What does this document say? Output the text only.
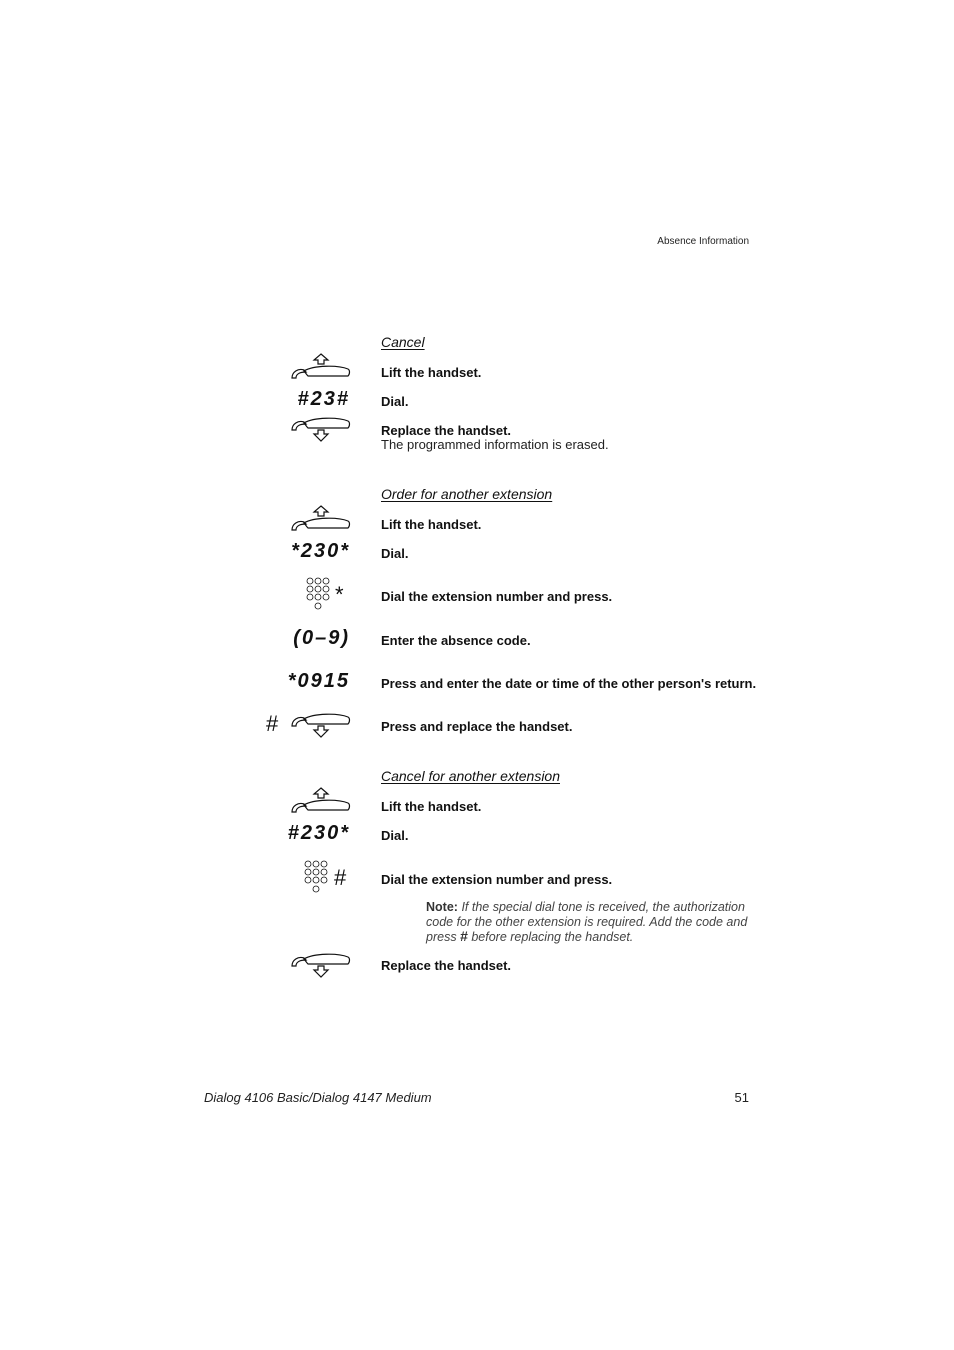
Absence Information
Cancel
Lift the handset.
#23# Dial.
Replace the handset.
The programmed information is erased.
Order for another extension
Lift the handset.
*230* Dial.
*	Dial the extension number and press.
(0–9) Enter the absence code.
*0915 Press and enter the date or time of the other person's return.
#	Press and replace the handset.
Cancel for another extension
Lift the handset.
#230* Dial.
#	Dial the extension number and press.
Note: If the special dial tone is received, the authorization code for the other extension is required. Add the code and press # before replacing the handset.
Replace the handset.
Dialog 4106 Basic/Dialog 4147 Medium	51
